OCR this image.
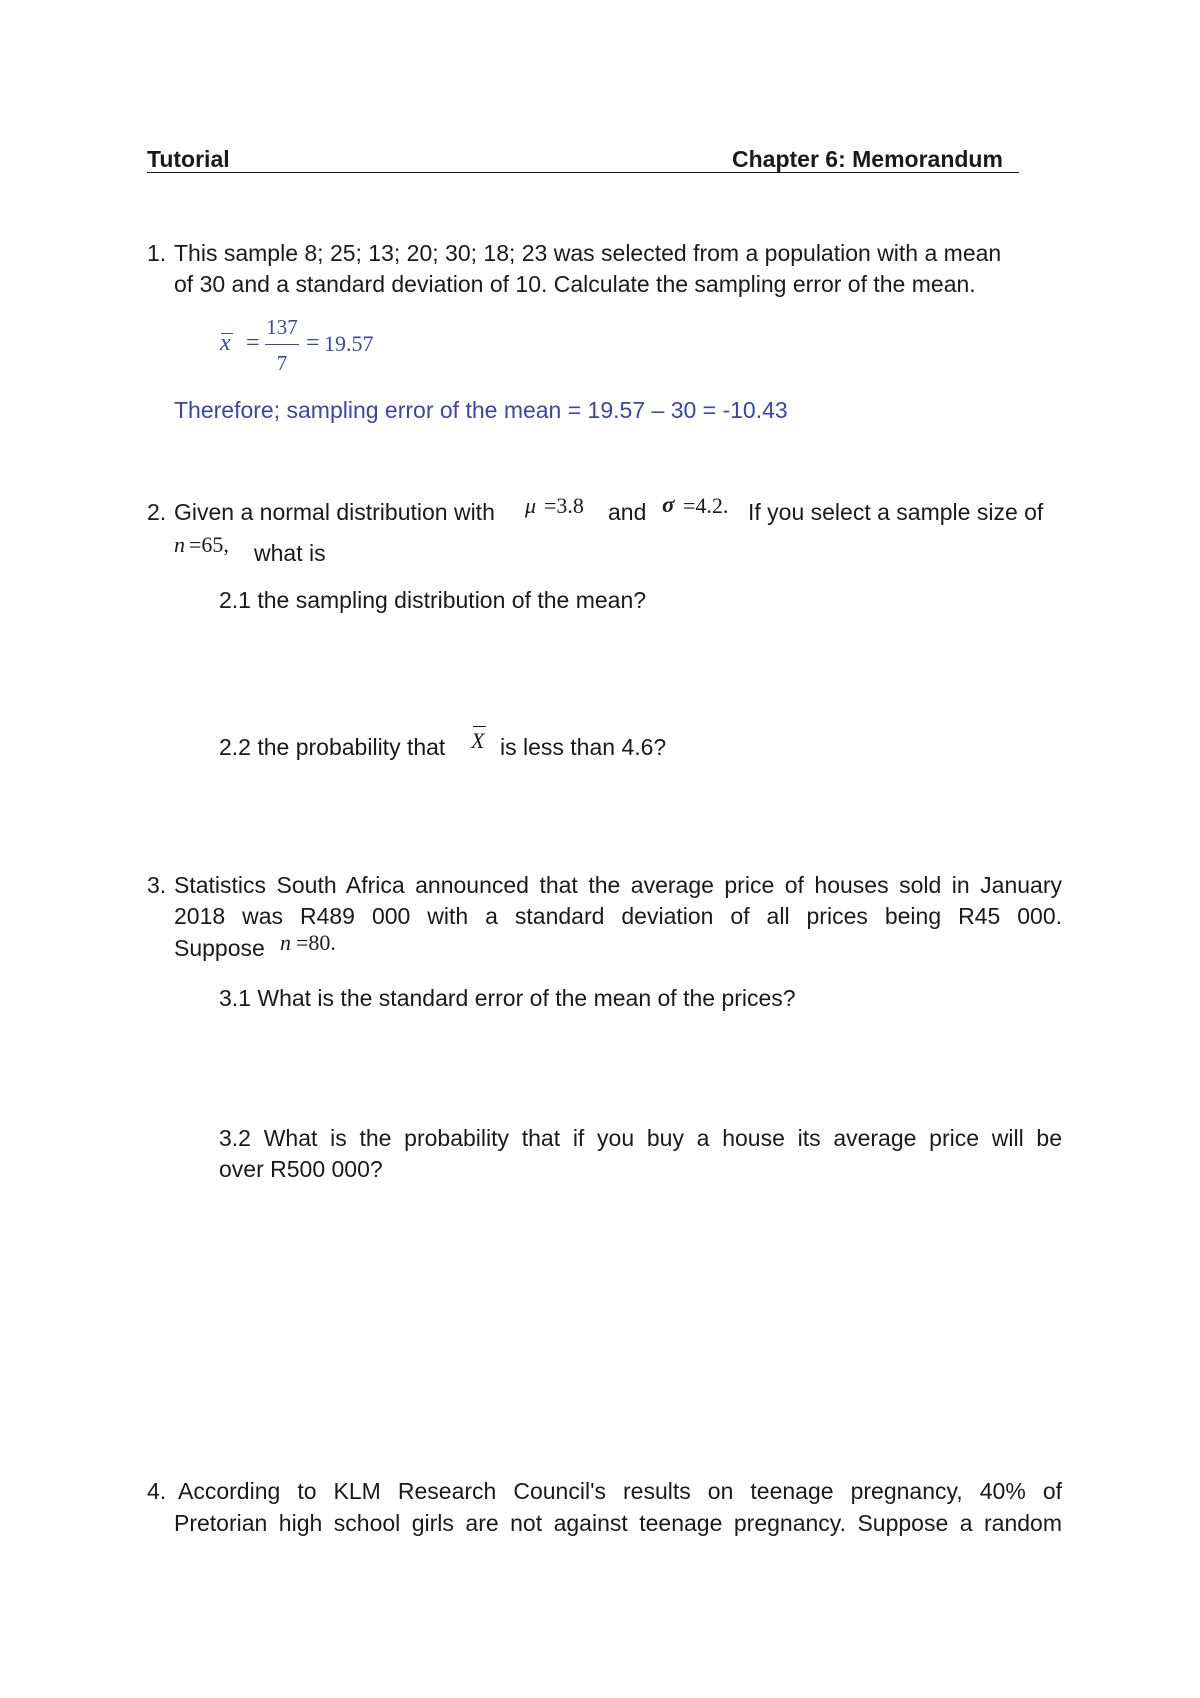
Tutorial	Chapter 6: Memorandum
1. This sample 8; 25; 13; 20; 30; 18; 23 was selected from a population with a mean
of 30 and a standard deviation of 10. Calculate the sampling error of the mean.
x =
137
7
= 19.57
Therefore; sampling error of the mean = 19.57 – 30 = -10.43
2. Given a normal distribution with μ =3.8 and σ =4.2. If you select a sample size of
n =65, what is
2.1 the sampling distribution of the mean?
2.2 the probability that X is less than 4.6?
3. Statistics South Africa announced that the average price of houses sold in January
2018 was R489 000 with a standard deviation of all prices being R45 000.
Suppose n =80.
3.1 What is the standard error of the mean of the prices?
3.2 What is the probability that if you buy a house its average price will be
over R500 000?
4. According to KLM Research Council's results on teenage pregnancy, 40% of
Pretorian high school girls are not against teenage pregnancy. Suppose a random
